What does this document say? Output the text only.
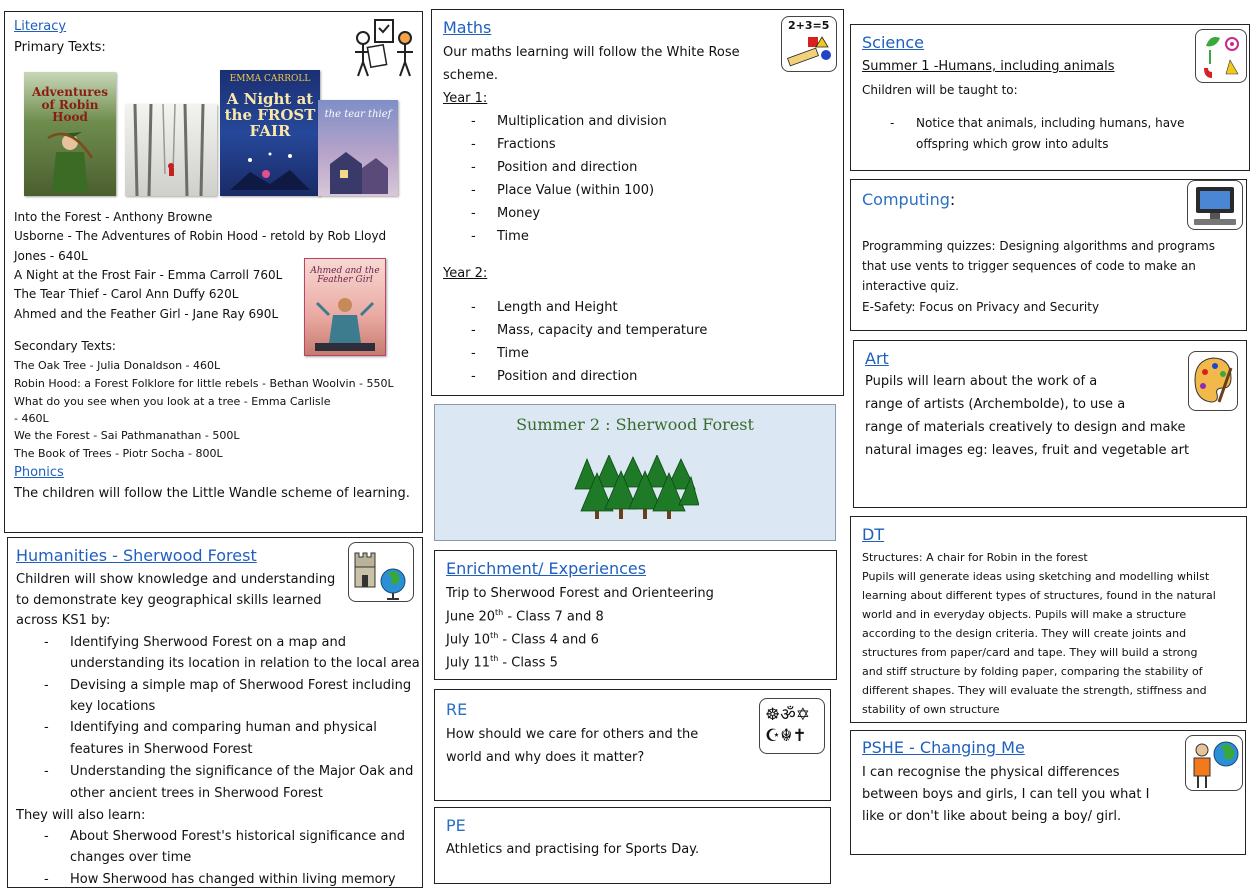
Literacy
Primary Texts:
Adventures of Robin Hood
EMMA CARROLL
A Night at the FROST FAIR
the tear thief
Ahmed and the Feather Girl
Into the Forest - Anthony Browne
Usborne - The Adventures of Robin Hood - retold by Rob Lloyd
Jones - 640L
A Night at the Frost Fair - Emma Carroll 760L
The Tear Thief - Carol Ann Duffy 620L
Ahmed and the Feather Girl - Jane Ray 690L
Secondary Texts:
The Oak Tree - Julia Donaldson - 460L
Robin Hood: a Forest Folklore for little rebels - Bethan Woolvin - 550L
What do you see when you look at a tree - Emma Carlisle
- 460L
We the Forest - Sai Pathmanathan - 500L
The Book of Trees - Piotr Socha - 800L
Phonics
The children will follow the Little Wandle scheme of learning.
Maths	2+3=5
Our maths learning will follow the White Rose
scheme.
Year 1:
- Multiplication and division
- Fractions
- Position and direction
- Place Value (within 100)
- Money
- Time
Year 2:
- Length and Height
- Mass, capacity and temperature
- Time
- Position and direction
Summer 2 : Sherwood Forest
Enrichment/ Experiences
Trip to Sherwood Forest and Orienteering
June 20th - Class 7 and 8
July 10th - Class 4 and 6
July 11th - Class 5
RE
How should we care for others and the
world and why does it matter?
☸ॐ✡
☪☬✝
PE
Athletics and practising for Sports Day.
Humanities - Sherwood Forest
Children will show knowledge and understanding
to demonstrate key geographical skills learned
across KS1 by:
- Identifying Sherwood Forest on a map and
understanding its location in relation to the local area
- Devising a simple map of Sherwood Forest including
key locations
- Identifying and comparing human and physical
features in Sherwood Forest
- Understanding the significance of the Major Oak and
other ancient trees in Sherwood Forest
They will also learn:
- About Sherwood Forest's historical significance and
changes over time
- How Sherwood has changed within living memory
Science
Summer 1 -Humans, including animals
Children will be taught to:
- Notice that animals, including humans, have
offspring which grow into adults
Computing:
Programming quizzes: Designing algorithms and programs
that use vents to trigger sequences of code to make an
interactive quiz.
E-Safety: Focus on Privacy and Security
Art
Pupils will learn about the work of a
range of artists (Archembolde), to use a
range of materials creatively to design and make
natural images eg: leaves, fruit and vegetable art
DT
Structures: A chair for Robin in the forest
Pupils will generate ideas using sketching and modelling whilst
learning about different types of structures, found in the natural
world and in everyday objects. Pupils will make a structure
according to the design criteria. They will create joints and
structures from paper/card and tape. They will build a strong
and stiff structure by folding paper, comparing the stability of
different shapes. They will evaluate the strength, stiffness and
stability of own structure
PSHE - Changing Me
I can recognise the physical differences
between boys and girls, I can tell you what I
like or don't like about being a boy/ girl.
